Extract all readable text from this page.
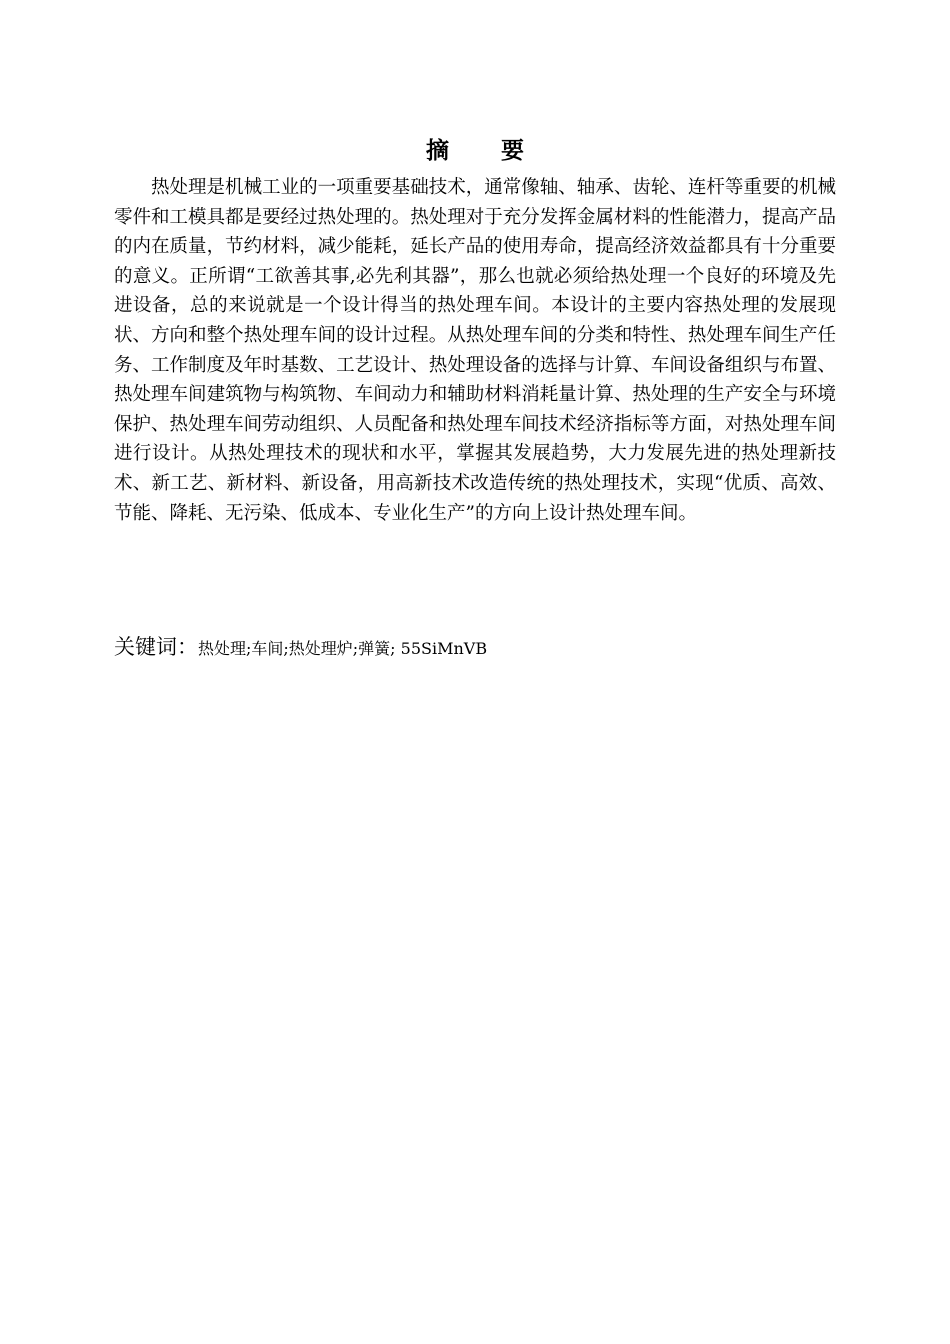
摘 要

热处理是机械工业的一项重要基础技术，通常像轴、轴承、齿轮、连杆等重要的机械零件和工模具都是要经过热处理的。热处理对于充分发挥金属材料的性能潜力，提高产品的内在质量，节约材料，减少能耗，延长产品的使用寿命，提高经济效益都具有十分重要的意义。正所谓“工欲善其事,必先利其器”，那么也就必须给热处理一个良好的环境及先进设备，总的来说就是一个设计得当的热处理车间。本设计的主要内容热处理的发展现状、方向和整个热处理车间的设计过程。从热处理车间的分类和特性、热处理车间生产任务、工作制度及年时基数、工艺设计、热处理设备的选择与计算、车间设备组织与布置、热处理车间建筑物与构筑物、车间动力和辅助材料消耗量计算、热处理的生产安全与环境保护、热处理车间劳动组织、人员配备和热处理车间技术经济指标等方面，对热处理车间进行设计。从热处理技术的现状和水平，掌握其发展趋势，大力发展先进的热处理新技术、新工艺、新材料、新设备，用高新技术改造传统的热处理技术，实现“优质、高效、节能、降耗、无污染、低成本、专业化生产”的方向上设计热处理车间。

关键词：热处理;车间;热处理炉;弹簧; 55SiMnVB
